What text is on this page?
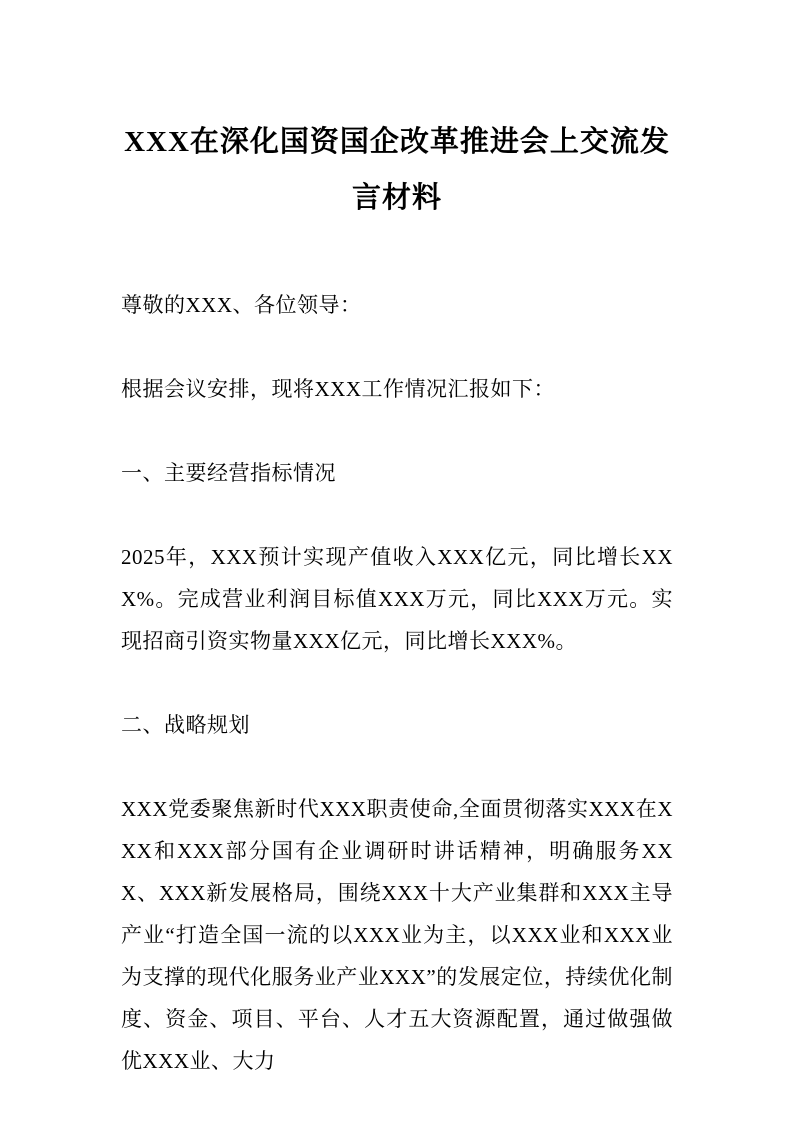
XXX在深化国资国企改革推进会上交流发言材料

尊敬的XXX、各位领导：

根据会议安排，现将XXX工作情况汇报如下：

一、主要经营指标情况

2025年，XXX预计实现产值收入XXX亿元，同比增长XXX%。完成营业利润目标值XXX万元，同比XXX万元。实现招商引资实物量XXX亿元，同比增长XXX%。

二、战略规划

XXX党委聚焦新时代XXX职责使命,全面贯彻落实XXX在XXX和XXX部分国有企业调研时讲话精神，明确服务XXX、XXX新发展格局，围绕XXX十大产业集群和XXX主导产业“打造全国一流的以XXX业为主，以XXX业和XXX业为支撑的现代化服务业产业XXX”的发展定位，持续优化制度、资金、项目、平台、人才五大资源配置，通过做强做优XXX业、大力
